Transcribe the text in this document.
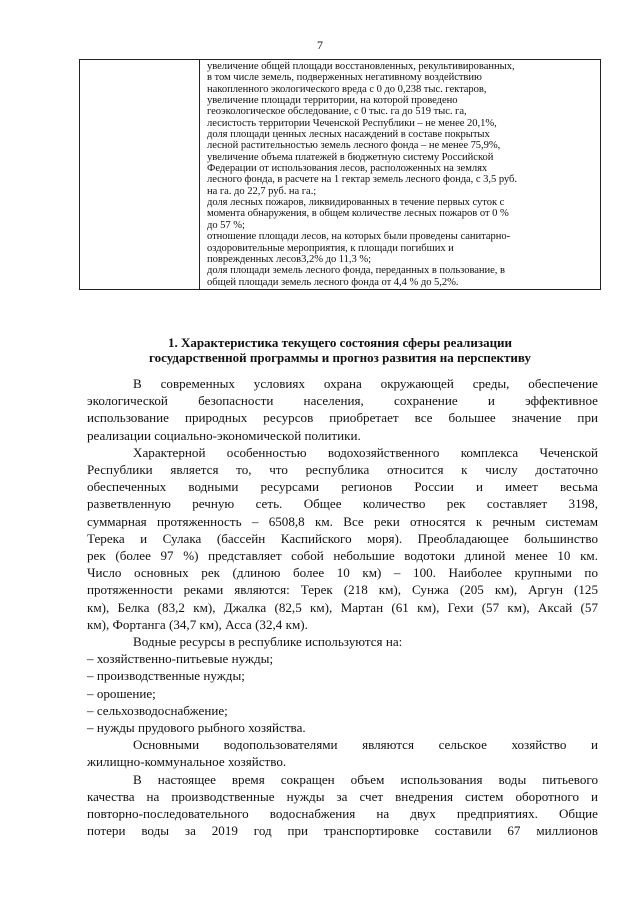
7

увеличение общей площади восстановленных, рекультивированных,
в том числе земель, подверженных негативному воздействию
накопленного экологического вреда с 0 до 0,238 тыс. гектаров,
увеличение площади территории, на которой проведено
геоэкологическое обследование, с 0 тыс. га до 519 тыс. га,
лесистость территории Чеченской Республики – не менее 20,1%,
доля площади ценных лесных насаждений в составе покрытых
лесной растительностью земель лесного фонда – не менее 75,9%,
увеличение объема платежей в бюджетную систему Российской
Федерации от использования лесов, расположенных на землях
лесного фонда, в расчете на 1 гектар земель лесного фонда, с 3,5 руб.
на га. до 22,7 руб. на га.;
доля лесных пожаров, ликвидированных в течение первых суток с
момента обнаружения, в общем количестве лесных пожаров от 0 %
до 57 %;
отношение площади лесов, на которых были проведены санитарно-
оздоровительные мероприятия, к площади погибших и
поврежденных лесов3,2% до 11,3 %;
доля площади земель лесного фонда, переданных в пользование, в
общей площади земель лесного фонда от 4,4 % до 5,2%.
1. Характеристика текущего состояния сферы реализации
государственной программы и прогноз развития на перспективу
В современных условиях охрана окружающей среды, обеспечение
экологической безопасности населения, сохранение и эффективное
использование природных ресурсов приобретает все большее значение при
реализации социально-экономической политики.
Характерной особенностью водохозяйственного комплекса Чеченской
Республики является то, что республика относится к числу достаточно
обеспеченных водными ресурсами регионов России и имеет весьма
разветвленную речную сеть. Общее количество рек составляет 3198,
суммарная протяженность – 6508,8 км. Все реки относятся к речным системам
Терека и Сулака (бассейн Каспийского моря). Преобладающее большинство
рек (более 97 %) представляет собой небольшие водотоки длиной менее 10 км.
Число основных рек (длиною более 10 км) – 100. Наиболее крупными по
протяженности реками являются: Терек (218 км), Сунжа (205 км), Аргун (125
км), Белка (83,2 км), Джалка (82,5 км), Мартан (61 км), Гехи (57 км), Аксай (57
км), Фортанга (34,7 км), Асса (32,4 км).
Водные ресурсы в республике используются на:
– хозяйственно-питьевые нужды;
– производственные нужды;
– орошение;
– сельхозводоснабжение;
– нужды прудового рыбного хозяйства.
Основными водопользователями являются сельское хозяйство и
жилищно-коммунальное хозяйство.
В настоящее время сокращен объем использования воды питьевого
качества на производственные нужды за счет внедрения систем оборотного и
повторно-последовательного водоснабжения на двух предприятиях. Общие
потери воды за 2019 год при транспортировке составили 67 миллионов
